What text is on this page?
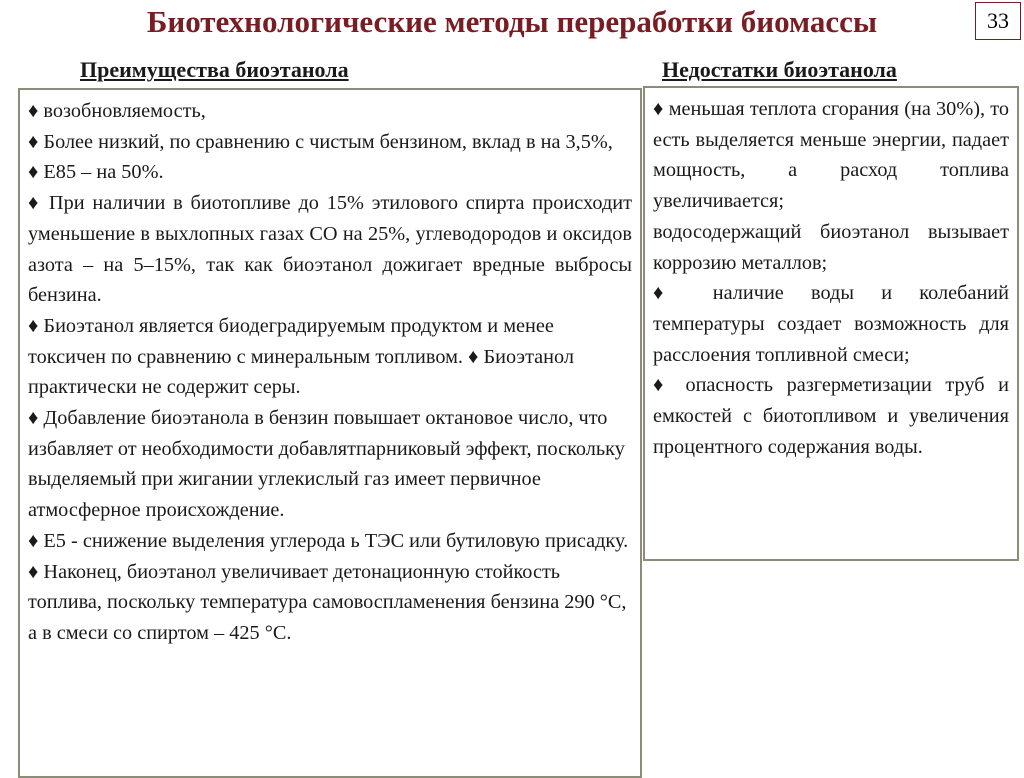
Биотехнологические методы переработки биомассы	33
Преимущества биоэтанола	Недостатки биоэтанола

♦ возобновляемость,

♦ Более низкий, по сравнению с чистым бензином, вклад в на 3,5%,

♦ Е85 – на 50%.

♦ При наличии в биотопливе до 15% этилового спирта происходит уменьшение в выхлопных газах СО на 25%, углеводородов и оксидов азота – на 5–15%, так как биоэтанол дожигает вредные выбросы бензина.

♦ Биоэтанол является биодеградируемым продуктом и менее токсичен по сравнению с минеральным топливом. ♦ Биоэтанол практически не содержит серы.

♦ Добавление биоэтанола в бензин повышает октановое число, что избавляет от необходимости добавлятпарниковый эффект, поскольку выделяемый при жигании углекислый газ имеет первичное атмосферное происхождение.

♦ Е5 - снижение выделения углерода ь ТЭС или бутиловую присадку.

♦ Наконец, биоэтанол увеличивает детонационную стойкость топлива, поскольку температура самовоспламенения бензина 290 °С, а в смеси со спиртом – 425 °С.

♦ меньшая теплота сгорания (на 30%), то есть выделяется меньше энергии, падает мощность, а расход топлива увеличивается;

водосодержащий биоэтанол вызывает коррозию металлов;

♦ наличие воды и колебаний температуры создает возможность для расслоения топливной смеси;

♦ опасность разгерметизации труб и емкостей с биотопливом и увеличения процентного содержания воды.
